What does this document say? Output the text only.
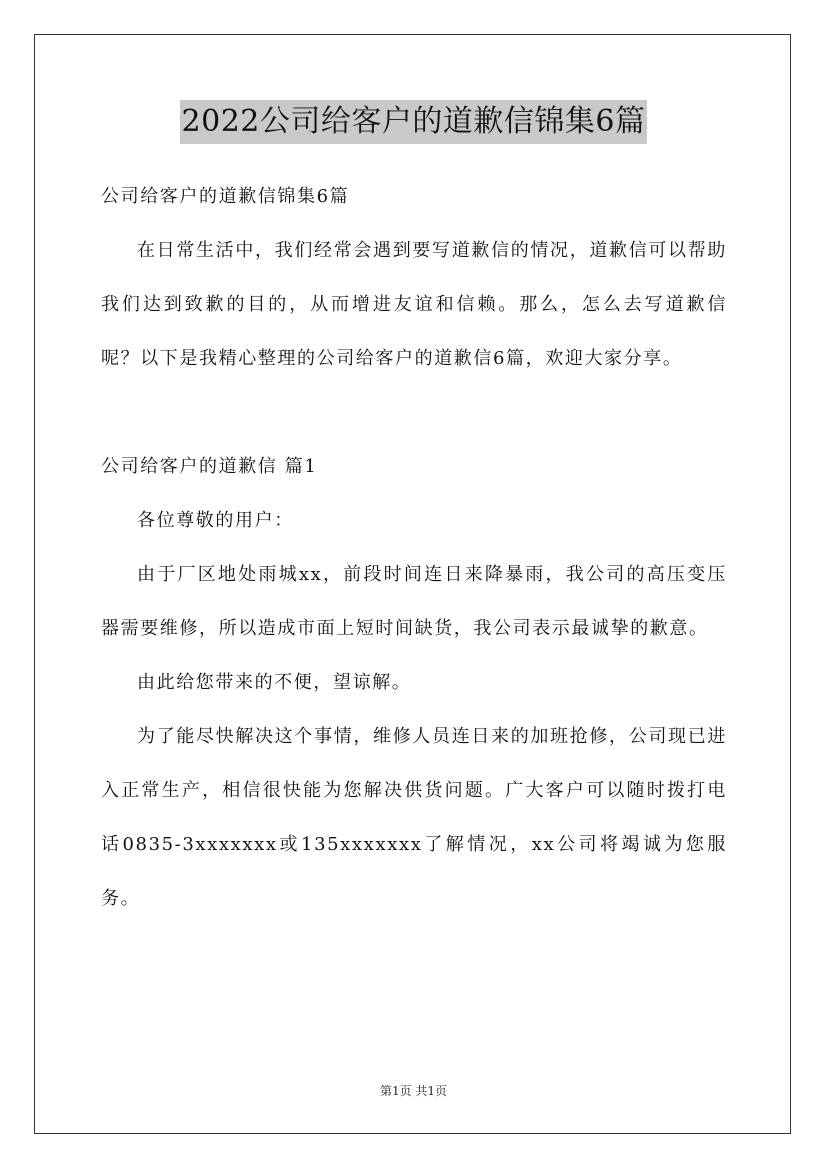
2022公司给客户的道歉信锦集6篇

公司给客户的道歉信锦集6篇

在日常生活中，我们经常会遇到要写道歉信的情况，道歉信可以帮助我们达到致歉的目的，从而增进友谊和信赖。那么，怎么去写道歉信呢？以下是我精心整理的公司给客户的道歉信6篇，欢迎大家分享。

公司给客户的道歉信 篇1

各位尊敬的用户：

由于厂区地处雨城xx，前段时间连日来降暴雨，我公司的高压变压器需要维修，所以造成市面上短时间缺货，我公司表示最诚挚的歉意。

由此给您带来的不便，望谅解。

为了能尽快解决这个事情，维修人员连日来的加班抢修，公司现已进入正常生产，相信很快能为您解决供货问题。广大客户可以随时拨打电话0835-3xxxxxxx或135xxxxxxx了解情况，xx公司将竭诚为您服务。

第1页 共1页
